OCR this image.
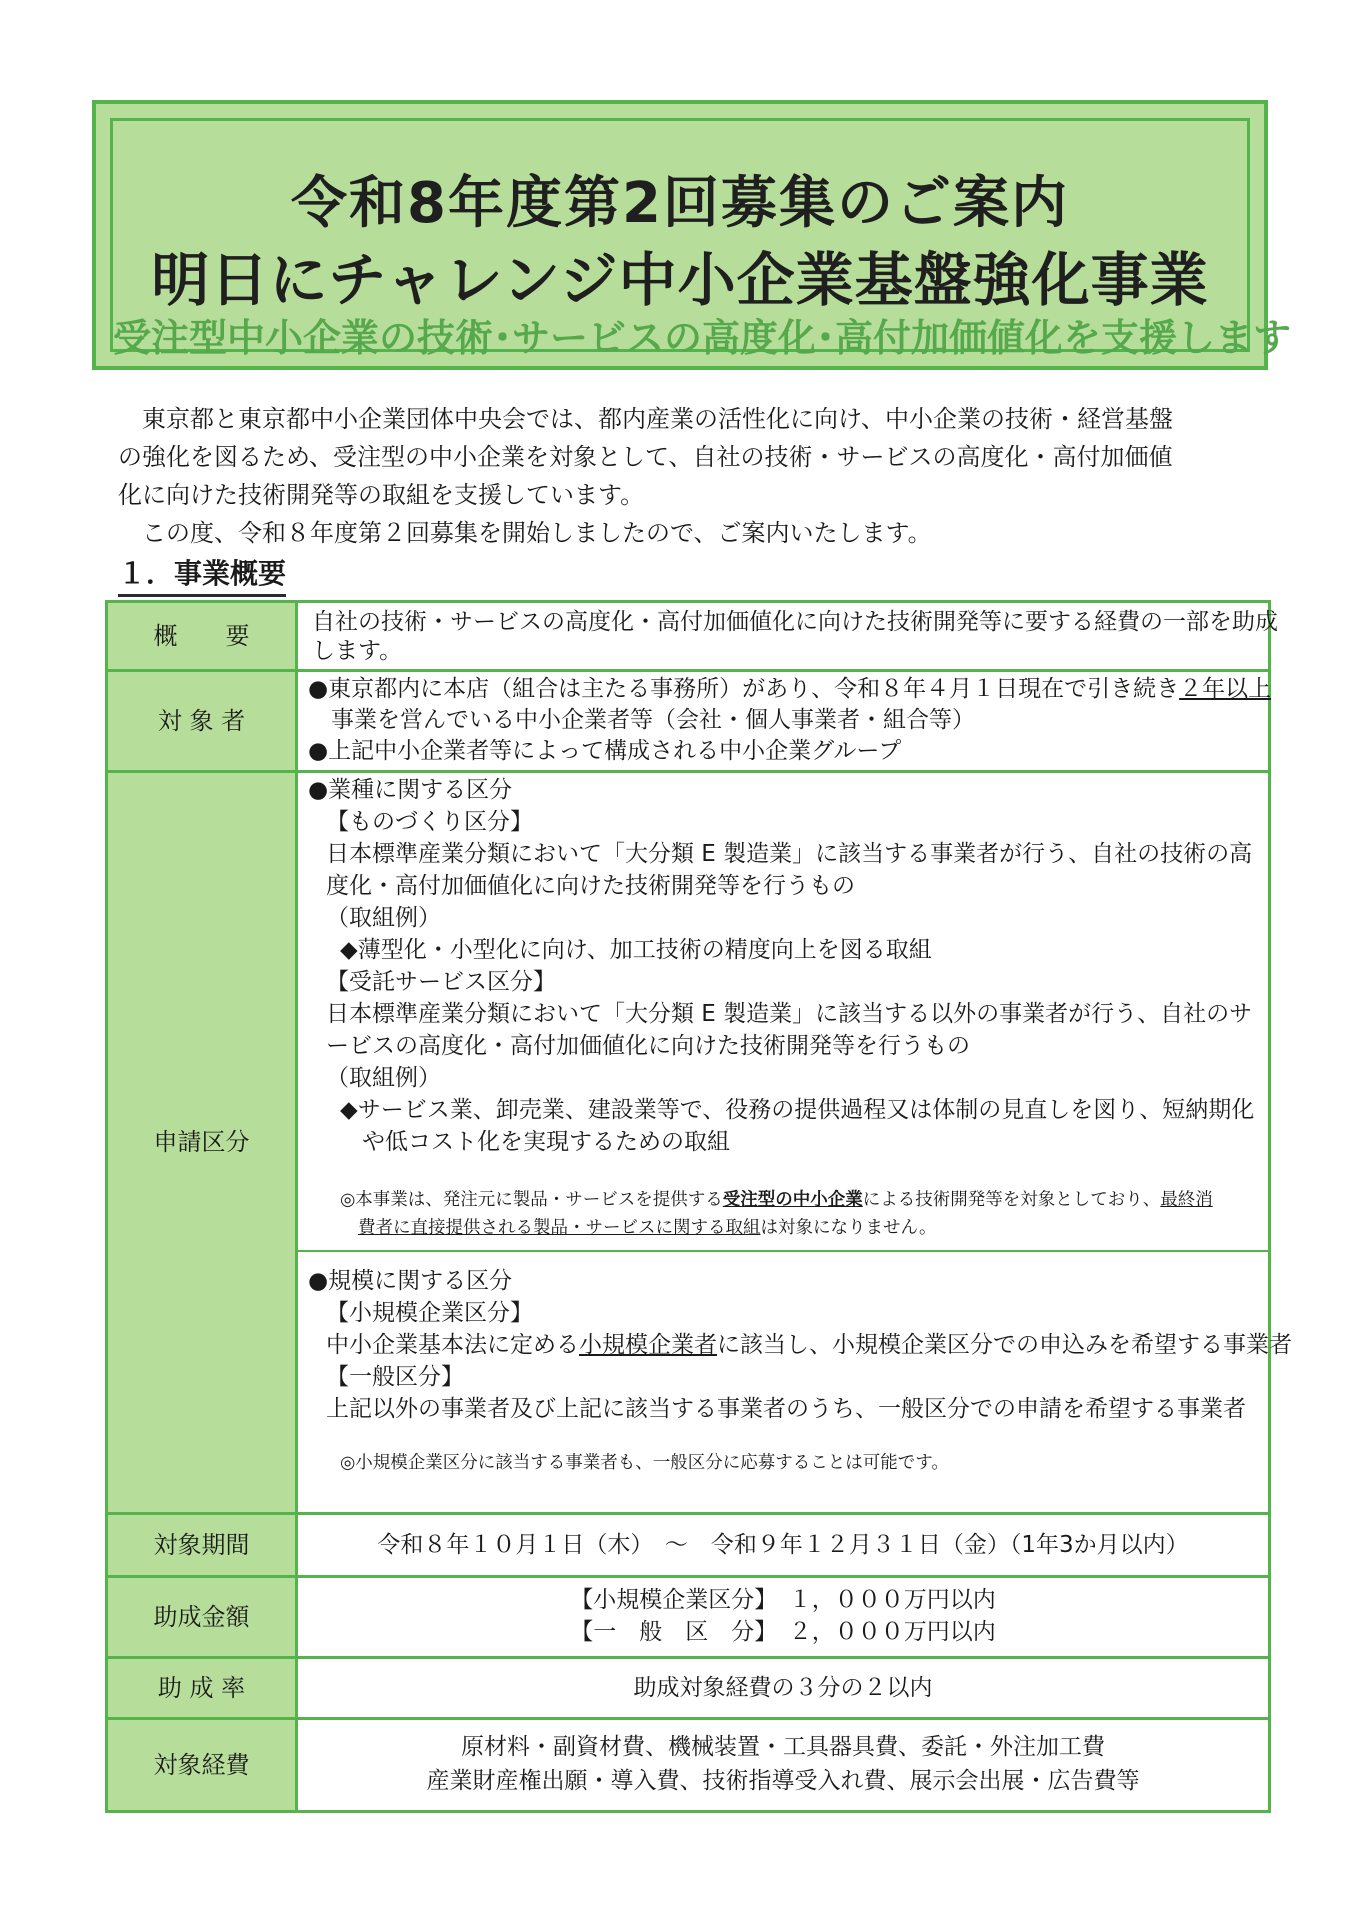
令和8年度第2回募集のご案内
明日にチャレンジ中小企業基盤強化事業
受注型中小企業の技術･サービスの高度化･高付加価値化を支援します
　東京都と東京都中小企業団体中央会では、都内産業の活性化に向け、中小企業の技術・経営基盤
の強化を図るため、受注型の中小企業を対象として、自社の技術・サービスの高度化・高付加価値
化に向けた技術開発等の取組を支援しています。
　この度、令和８年度第２回募集を開始しましたので、ご案内いたします。
１．事業概要
概　　要
対 象 者
申請区分
対象期間
助成金額
助 成 率
対象経費
自社の技術・サービスの高度化・高付加価値化に向けた技術開発等に要する経費の一部を助成
します。
●東京都内に本店（組合は主たる事務所）があり、令和８年４月１日現在で引き続き２年以上
　事業を営んでいる中小企業者等（会社・個人事業者・組合等）
●上記中小企業者等によって構成される中小企業グループ
●業種に関する区分
【ものづくり区分】
日本標準産業分類において「大分類 E 製造業」に該当する事業者が行う、自社の技術の高
度化・高付加価値化に向けた技術開発等を行うもの
（取組例）
◆薄型化・小型化に向け、加工技術の精度向上を図る取組
【受託サービス区分】
日本標準産業分類において「大分類 E 製造業」に該当する以外の事業者が行う、自社のサ
ービスの高度化・高付加価値化に向けた技術開発等を行うもの
（取組例）
◆サービス業、卸売業、建設業等で、役務の提供過程又は体制の見直しを図り、短納期化
や低コスト化を実現するための取組
◎本事業は、発注元に製品・サービスを提供する受注型の中小企業による技術開発等を対象としており、最終消
費者に直接提供される製品・サービスに関する取組は対象になりません。
●規模に関する区分
【小規模企業区分】
中小企業基本法に定める小規模企業者に該当し、小規模企業区分での申込みを希望する事業者
【一般区分】
上記以外の事業者及び上記に該当する事業者のうち、一般区分での申請を希望する事業者
◎小規模企業区分に該当する事業者も、一般区分に応募することは可能です。
令和８年１０月１日（木）　～　令和９年１２月３１日（金）（1年3か月以内）
【小規模企業区分】　１，０００万円以内
【一　般　区　分】　２，０００万円以内
助成対象経費の３分の２以内
原材料・副資材費、機械装置・工具器具費、委託・外注加工費
産業財産権出願・導入費、技術指導受入れ費、展示会出展・広告費等
